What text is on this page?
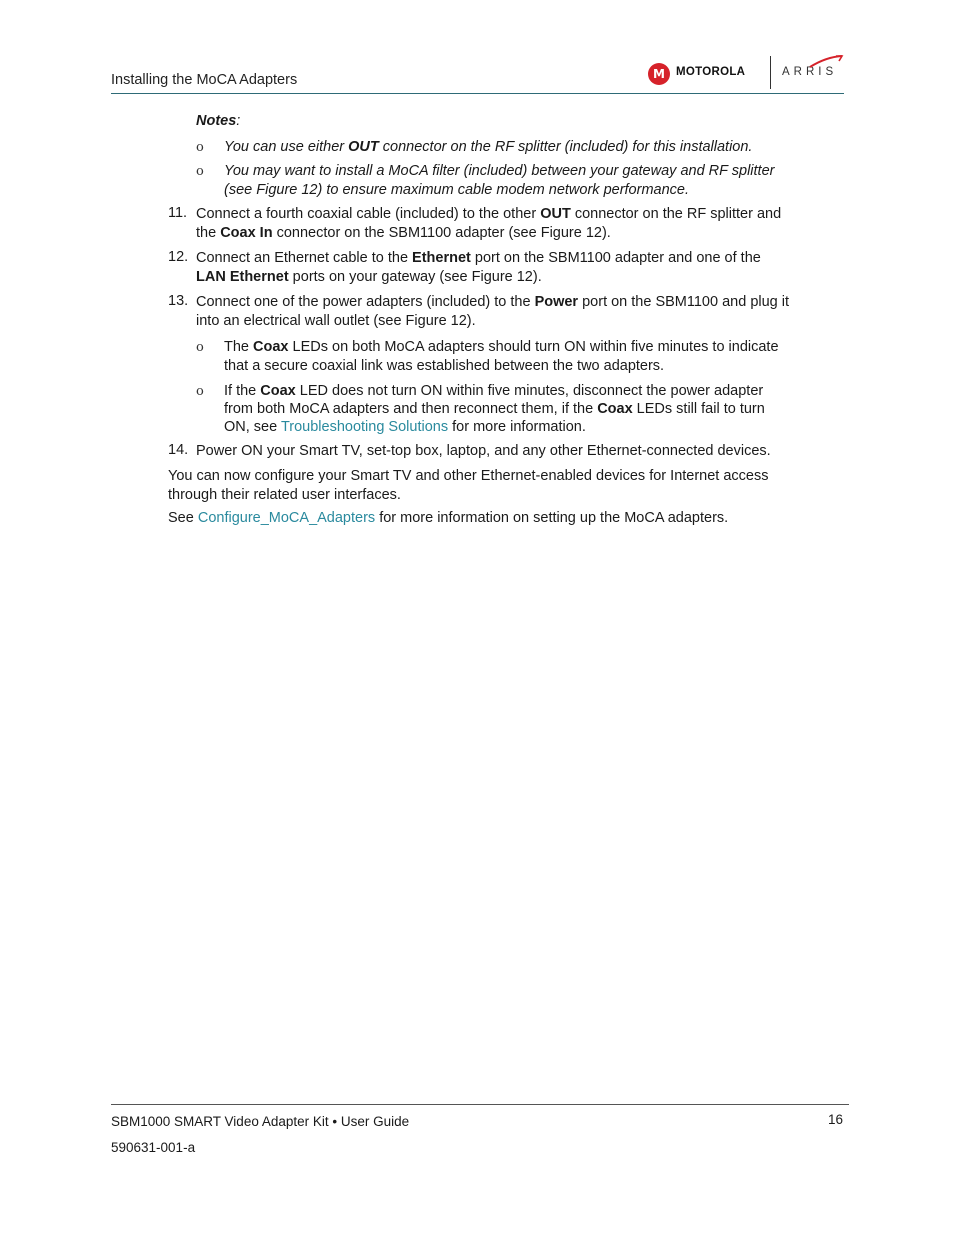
Installing the MoCA Adapters	M MOTOROLA	ARRIS
Notes:
ο You can use either OUT connector on the RF splitter (included) for this installation.
ο You may want to install a MoCA filter (included) between your gateway and RF splitter
(see Figure 12) to ensure maximum cable modem network performance.
11. Connect a fourth coaxial cable (included) to the other OUT connector on the RF splitter and
the Coax In connector on the SBM1100 adapter (see Figure 12).
12. Connect an Ethernet cable to the Ethernet port on the SBM1100 adapter and one of the
LAN Ethernet ports on your gateway (see Figure 12).
13. Connect one of the power adapters (included) to the Power port on the SBM1100 and plug it
into an electrical wall outlet (see Figure 12).
ο The Coax LEDs on both MoCA adapters should turn ON within five minutes to indicate
that a secure coaxial link was established between the two adapters.
ο If the Coax LED does not turn ON within five minutes, disconnect the power adapter
from both MoCA adapters and then reconnect them, if the Coax LEDs still fail to turn
ON, see Troubleshooting Solutions for more information.
14. Power ON your Smart TV, set-top box, laptop, and any other Ethernet-connected devices.
You can now configure your Smart TV and other Ethernet-enabled devices for Internet access
through their related user interfaces.
See Configure_MoCA_Adapters for more information on setting up the MoCA adapters.
SBM1000 SMART Video Adapter Kit • User Guide	16
590631-001-a
